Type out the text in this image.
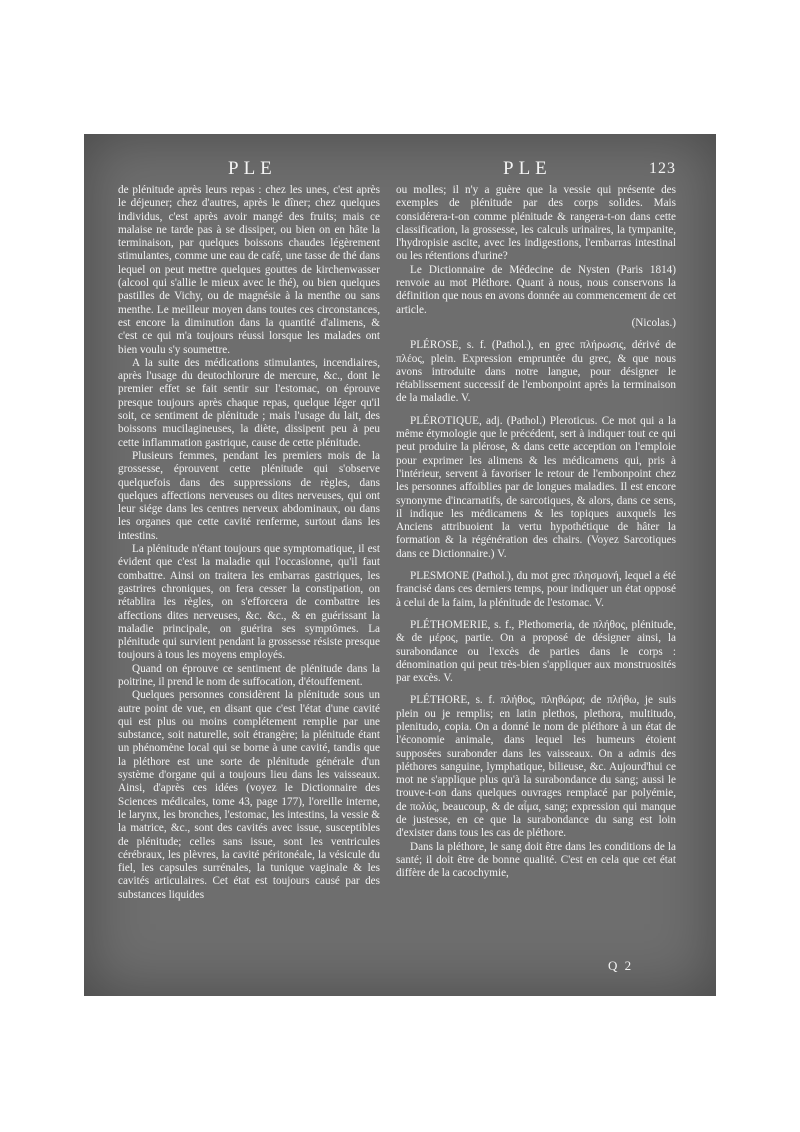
PLE	PLE	123

de plénitude après leurs repas : chez les unes, c'est après le déjeuner; chez d'autres, après le dîner; chez quelques individus, c'est après avoir mangé des fruits; mais ce malaise ne tarde pas à se dissiper, ou bien on en hâte la terminaison, par quelques boissons chaudes légèrement stimulantes, comme une eau de café, une tasse de thé dans lequel on peut mettre quelques gouttes de kirchenwasser (alcool qui s'allie le mieux avec le thé), ou bien quelques pastilles de Vichy, ou de magnésie à la menthe ou sans menthe. Le meilleur moyen dans toutes ces circonstances, est encore la diminution dans la quantité d'alimens, & c'est ce qui m'a toujours réussi lorsque les malades ont bien voulu s'y soumettre.

A la suite des médications stimulantes, incendiaires, après l'usage du deutochlorure de mercure, &c., dont le premier effet se fait sentir sur l'estomac, on éprouve presque toujours après chaque repas, quelque léger qu'il soit, ce sentiment de plénitude ; mais l'usage du lait, des boissons mucilagineuses, la diète, dissipent peu à peu cette inflammation gastrique, cause de cette plénitude.

Plusieurs femmes, pendant les premiers mois de la grossesse, éprouvent cette plénitude qui s'observe quelquefois dans des suppressions de règles, dans quelques affections nerveuses ou dites nerveuses, qui ont leur siége dans les centres nerveux abdominaux, ou dans les organes que cette cavité renferme, surtout dans les intestins.

La plénitude n'étant toujours que symptomatique, il est évident que c'est la maladie qui l'occasionne, qu'il faut combattre. Ainsi on traitera les embarras gastriques, les gastrires chroniques, on fera cesser la constipation, on rétablira les règles, on s'efforcera de combattre les affections dites nerveuses, &c. &c., & en guérissant la maladie principale, on guérira ses symptômes. La plénitude qui survient pendant la grossesse résiste presque toujours à tous les moyens employés.

Quand on éprouve ce sentiment de plénitude dans la poitrine, il prend le nom de suffocation, d'étouffement.

Quelques personnes considèrent la plénitude sous un autre point de vue, en disant que c'est l'état d'une cavité qui est plus ou moins complétement remplie par une substance, soit naturelle, soit étrangère; la plénitude étant un phénomène local qui se borne à une cavité, tandis que la pléthore est une sorte de plénitude générale d'un système d'organe qui a toujours lieu dans les vaisseaux. Ainsi, d'après ces idées (voyez le Dictionnaire des Sciences médicales, tome 43, page 177), l'oreille interne, le larynx, les bronches, l'estomac, les intestins, la vessie & la matrice, &c., sont des cavités avec issue, susceptibles de plénitude; celles sans issue, sont les ventricules cérébraux, les plèvres, la cavité péritonéale, la vésicule du fiel, les capsules surrénales, la tunique vaginale & les cavités articulaires. Cet état est toujours causé par des substances liquides

ou molles; il n'y a guère que la vessie qui présente des exemples de plénitude par des corps solides. Mais considérera-t-on comme plénitude & rangera-t-on dans cette classification, la grossesse, les calculs urinaires, la tympanite, l'hydropisie ascite, avec les indigestions, l'embarras intestinal ou les rétentions d'urine?

Le Dictionnaire de Médecine de Nysten (Paris 1814) renvoie au mot Pléthore. Quant à nous, nous conservons la définition que nous en avons donnée au commencement de cet article.

(Nicolas.)

PLÉROSE, s. f. (Pathol.), en grec πλήρωσις, dérivé de πλέος, plein. Expression empruntée du grec, & que nous avons introduite dans notre langue, pour désigner le rétablissement successif de l'embonpoint après la terminaison de la maladie. V.

PLÉROTIQUE, adj. (Pathol.) Pleroticus. Ce mot qui a la même étymologie que le précédent, sert à indiquer tout ce qui peut produire la plérose, & dans cette acception on l'emploie pour exprimer les alimens & les médicamens qui, pris à l'intérieur, servent à favoriser le retour de l'embonpoint chez les personnes affoiblies par de longues maladies. Il est encore synonyme d'incarnatifs, de sarcotiques, & alors, dans ce sens, il indique les médicamens & les topiques auxquels les Anciens attribuoient la vertu hypothétique de hâter la formation & la régénération des chairs. (Voyez Sarcotiques dans ce Dictionnaire.) V.

PLESMONE (Pathol.), du mot grec πλησμονή, lequel a été francisé dans ces derniers temps, pour indiquer un état opposé à celui de la faim, la plénitude de l'estomac. V.

PLÉTHOMERIE, s. f., Plethomeria, de πλήθος, plénitude, & de μέρος, partie. On a proposé de désigner ainsi, la surabondance ou l'excès de parties dans le corps : dénomination qui peut très-bien s'appliquer aux monstruosités par excès. V.

PLÉTHORE, s. f. πλήθος, πληθώρα; de πλήθω, je suis plein ou je remplis; en latin plethos, plethora, multitudo, plenitudo, copia. On a donné le nom de pléthore à un état de l'économie animale, dans lequel les humeurs étoient supposées surabonder dans les vaisseaux. On a admis des pléthores sanguine, lymphatique, bilieuse, &c. Aujourd'hui ce mot ne s'applique plus qu'à la surabondance du sang; aussi le trouve-t-on dans quelques ouvrages remplacé par polyémie, de πολύς, beaucoup, & de αἷμα, sang; expression qui manque de justesse, en ce que la surabondance du sang est loin d'exister dans tous les cas de pléthore.

Dans la pléthore, le sang doit être dans les conditions de la santé; il doit être de bonne qualité. C'est en cela que cet état diffère de la cacochymie,

Q 2
